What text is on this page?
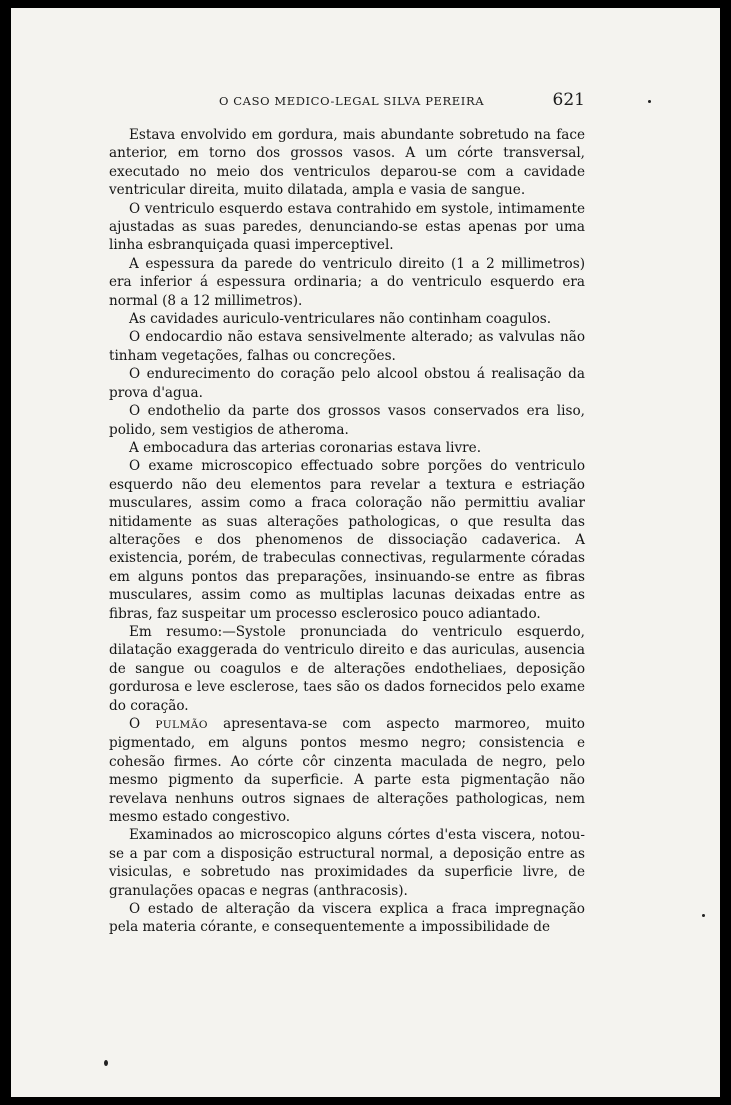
O CASO MEDICO-LEGAL SILVA PEREIRA	621

Estava envolvido em gordura, mais abundante sobretudo na face anterior, em torno dos grossos vasos. A um córte transversal, executado no meio dos ventriculos deparou-se com a cavidade ventricular direita, muito dilatada, ampla e vasia de sangue.

O ventriculo esquerdo estava contrahido em systole, intimamente ajustadas as suas paredes, denunciando-se estas apenas por uma linha esbranquiçada quasi imperceptivel.

A espessura da parede do ventriculo direito (1 a 2 millimetros) era inferior á espessura ordinaria; a do ventriculo esquerdo era normal (8 a 12 millimetros).

As cavidades auriculo-ventriculares não continham coagulos.

O endocardio não estava sensivelmente alterado; as valvulas não tinham vegetações, falhas ou concreções.

O endurecimento do coração pelo alcool obstou á realisação da prova d'agua.

O endothelio da parte dos grossos vasos conservados era liso, polido, sem vestigios de atheroma.

A embocadura das arterias coronarias estava livre.

O exame microscopico effectuado sobre porções do ventriculo esquerdo não deu elementos para revelar a textura e estriação musculares, assim como a fraca coloração não permittiu avaliar nitidamente as suas alterações pathologicas, o que resulta das alterações e dos phenomenos de dissociação cadaverica. A existencia, porém, de trabeculas connectivas, regularmente córadas em alguns pontos das preparações, insinuando-se entre as fibras musculares, assim como as multiplas lacunas deixadas entre as fibras, faz suspeitar um processo esclerosico pouco adiantado.

Em resumo:—Systole pronunciada do ventriculo esquerdo, dilatação exaggerada do ventriculo direito e das auriculas, ausencia de sangue ou coagulos e de alterações endotheliaes, deposição gordurosa e leve esclerose, taes são os dados fornecidos pelo exame do coração.

O PULMÃO apresentava-se com aspecto marmoreo, muito pigmentado, em alguns pontos mesmo negro; consistencia e cohesão firmes. Ao córte côr cinzenta maculada de negro, pelo mesmo pigmento da superficie. A parte esta pigmentação não revelava nenhuns outros signaes de alterações pathologicas, nem mesmo estado congestivo.

Examinados ao microscopico alguns córtes d'esta viscera, notou-se a par com a disposição estructural normal, a deposição entre as visiculas, e sobretudo nas proximidades da superficie livre, de granulações opacas e negras (anthracosis).

O estado de alteração da viscera explica a fraca impregnação pela materia córante, e consequentemente a impossibilidade de
